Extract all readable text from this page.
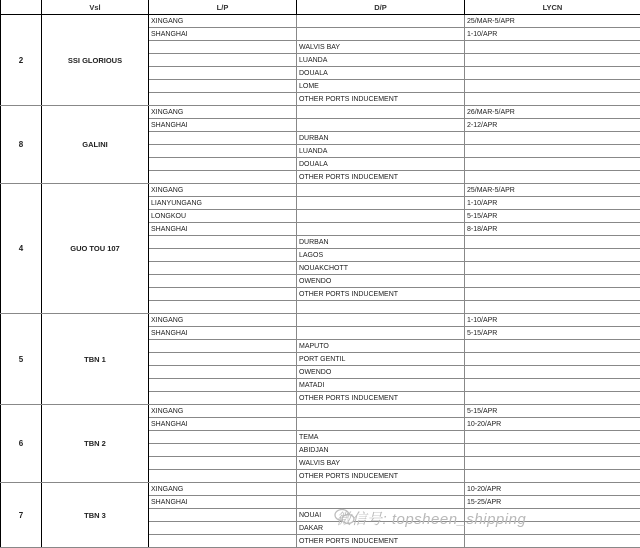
	Vsl	L/P	D/P	LYCN
2	SSI GLORIOUS	XINGANG		25/MAR-5/APR
		SHANGHAI		1-10/APR
			WALVIS BAY	
			LUANDA	
			DOUALA	
			LOME	
			OTHER PORTS INDUCEMENT	
8	GALINI	XINGANG		26/MAR-5/APR
		SHANGHAI		2-12/APR
			DURBAN	
			LUANDA	
			DOUALA	
			OTHER PORTS INDUCEMENT	
4	GUO TOU 107	XINGANG		25/MAR-5/APR
		LIANYUNGANG		1-10/APR
		LONGKOU		5-15/APR
		SHANGHAI		8-18/APR
			DURBAN	
			LAGOS	
			NOUAKCHOTT	
			OWENDO	
			OTHER PORTS INDUCEMENT	

5	TBN 1	XINGANG		1-10/APR
		SHANGHAI		5-15/APR
			MAPUTO	
			PORT GENTIL	
			OWENDO	
			MATADI	
			OTHER PORTS INDUCEMENT	
6	TBN 2	XINGANG		5-15/APR
		SHANGHAI		10-20/APR
			TEMA	
			ABIDJAN	
			WALVIS BAY	
			OTHER PORTS INDUCEMENT	
7	TBN 3	XINGANG		10-20/APR
		SHANGHAI		15-25/APR
			NOUAI	
			DAKAR	
			OTHER PORTS INDUCEMENT	
微信号: topsheen_shipping
